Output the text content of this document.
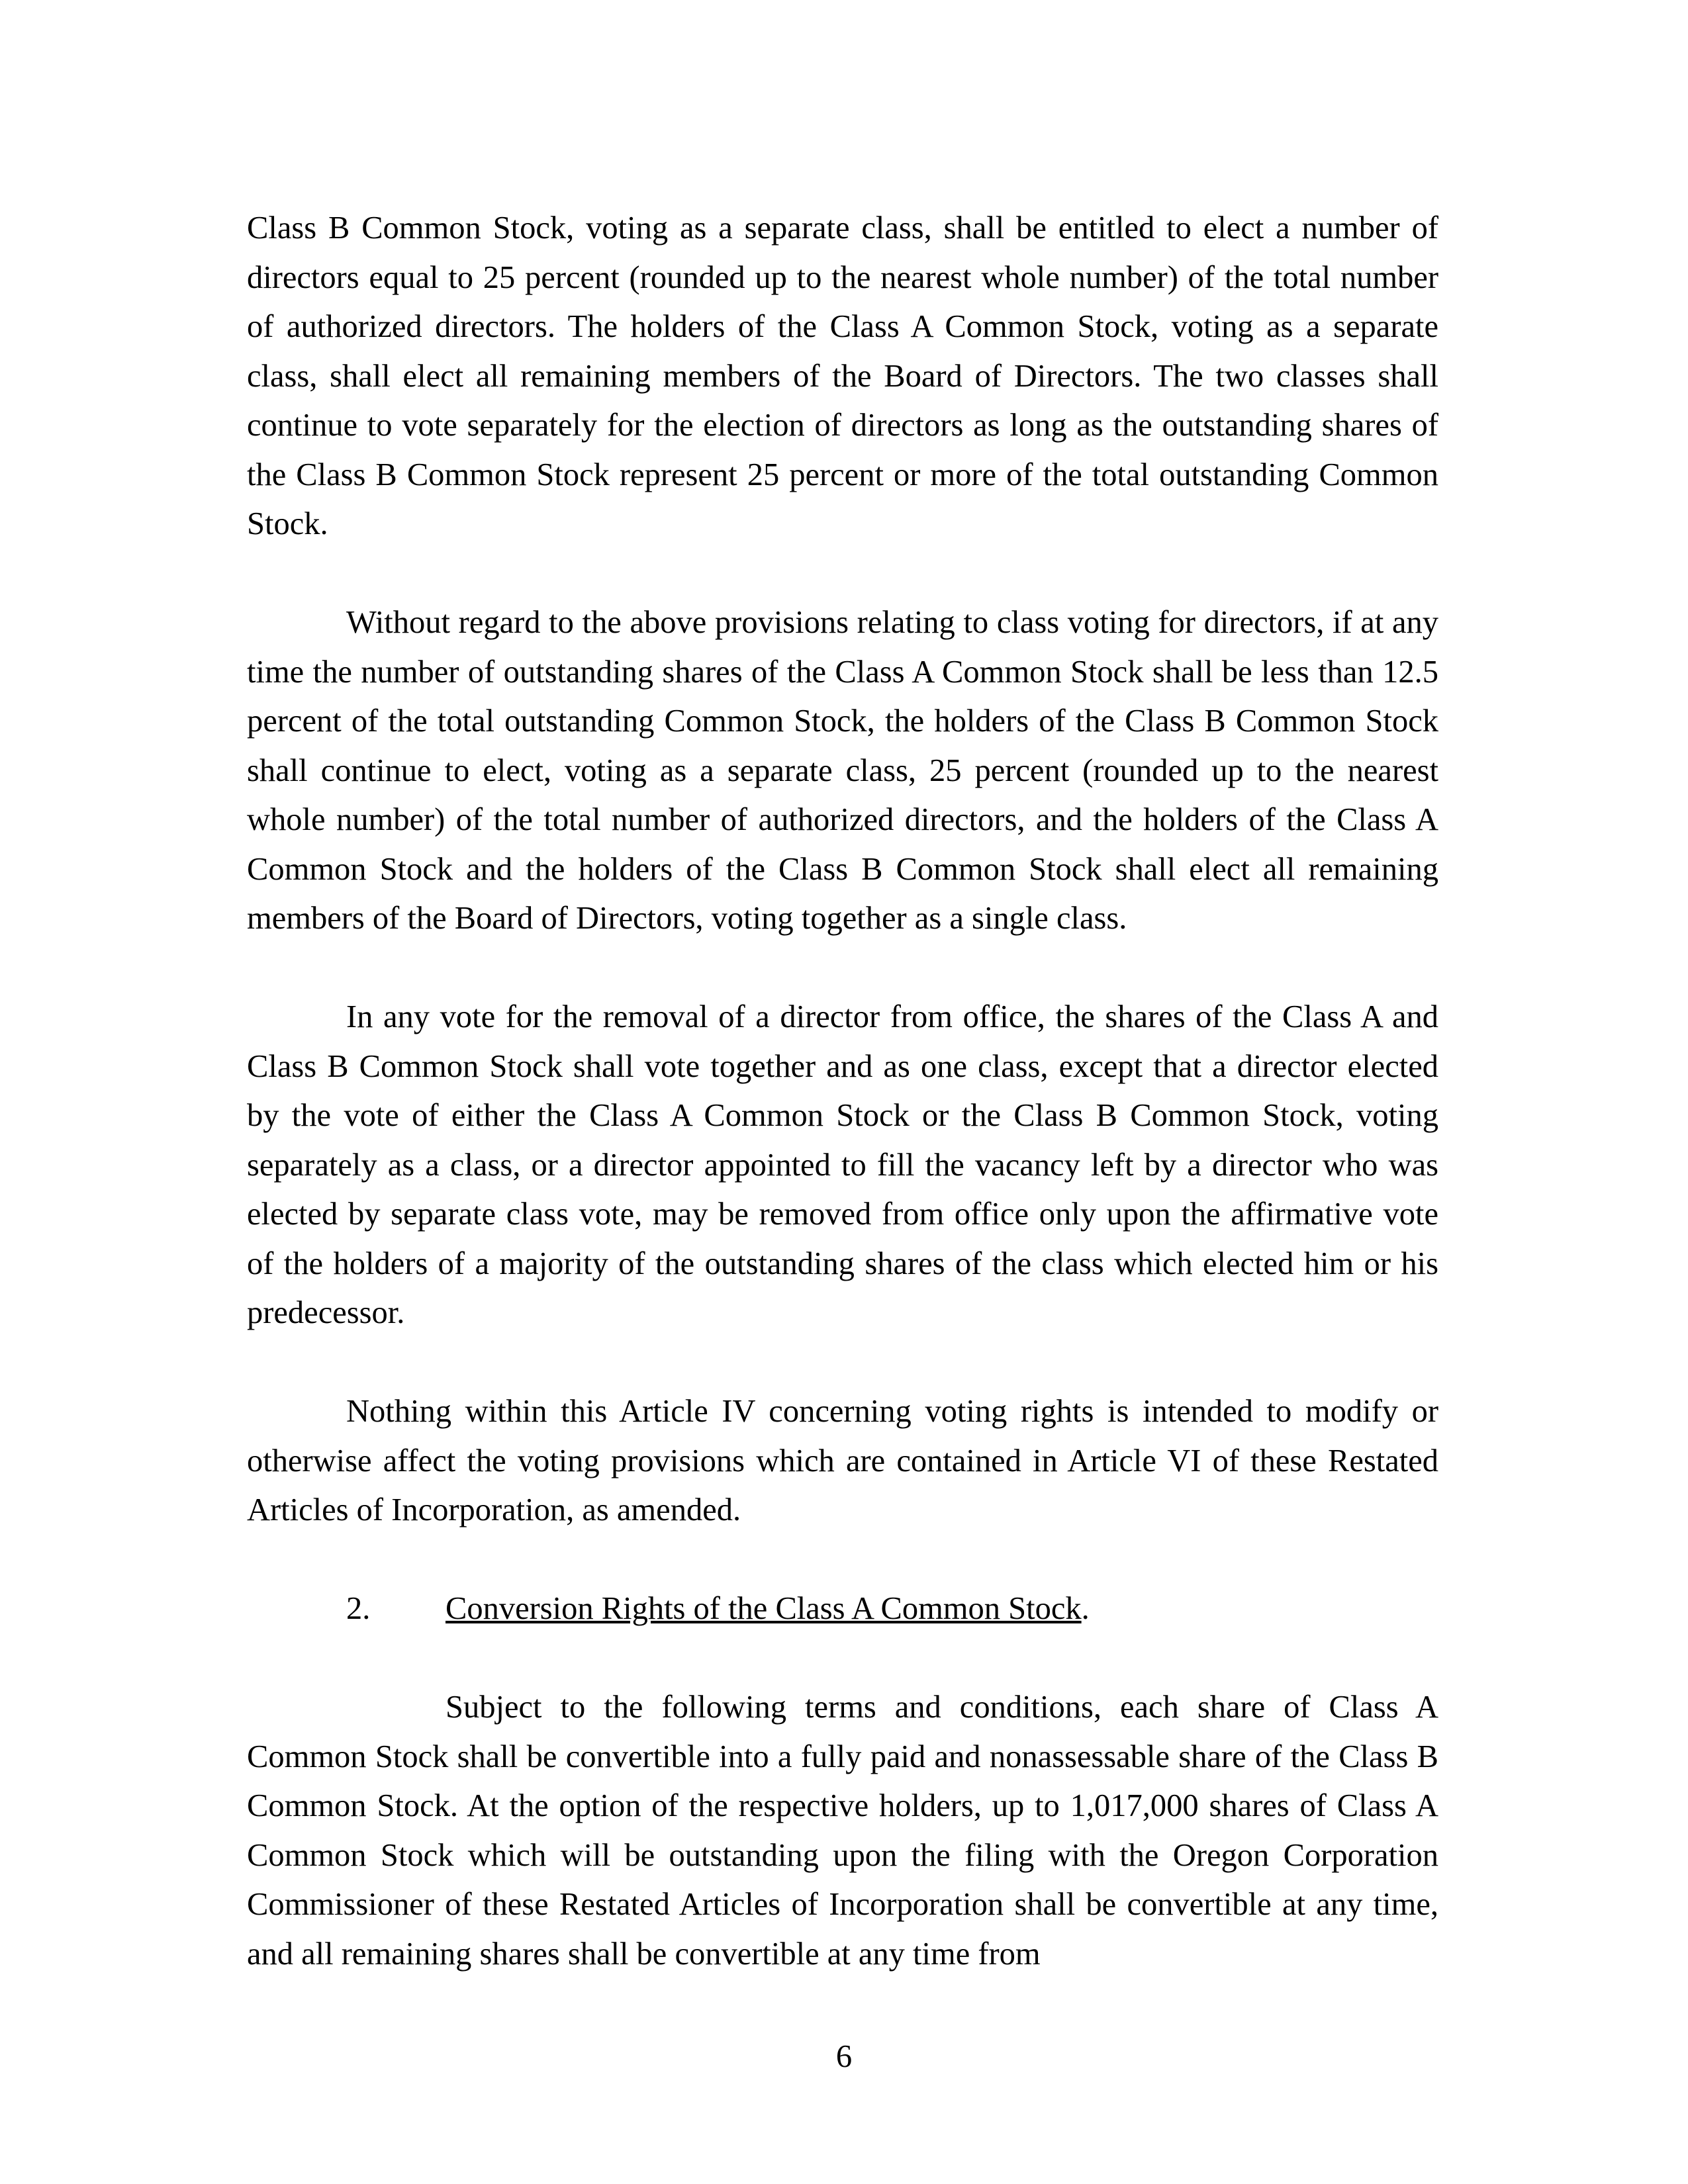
Class B Common Stock, voting as a separate class, shall be entitled to elect a number of directors equal to 25 percent (rounded up to the nearest whole number) of the total number of authorized directors. The holders of the Class A Common Stock, voting as a separate class, shall elect all remaining members of the Board of Directors. The two classes shall continue to vote separately for the election of directors as long as the outstanding shares of the Class B Common Stock represent 25 percent or more of the total outstanding Common Stock.

Without regard to the above provisions relating to class voting for directors, if at any time the number of outstanding shares of the Class A Common Stock shall be less than 12.5 percent of the total outstanding Common Stock, the holders of the Class B Common Stock shall continue to elect, voting as a separate class, 25 percent (rounded up to the nearest whole number) of the total number of authorized directors, and the holders of the Class A Common Stock and the holders of the Class B Common Stock shall elect all remaining members of the Board of Directors, voting together as a single class.

In any vote for the removal of a director from office, the shares of the Class A and Class B Common Stock shall vote together and as one class, except that a director elected by the vote of either the Class A Common Stock or the Class B Common Stock, voting separately as a class, or a director appointed to fill the vacancy left by a director who was elected by separate class vote, may be removed from office only upon the affirmative vote of the holders of a majority of the outstanding shares of the class which elected him or his predecessor.

Nothing within this Article IV concerning voting rights is intended to modify or otherwise affect the voting provisions which are contained in Article VI of these Restated Articles of Incorporation, as amended.

2.	Conversion Rights of the Class A Common Stock.

Subject to the following terms and conditions, each share of Class A Common Stock shall be convertible into a fully paid and nonassessable share of the Class B Common Stock. At the option of the respective holders, up to 1,017,000 shares of Class A Common Stock which will be outstanding upon the filing with the Oregon Corporation Commissioner of these Restated Articles of Incorporation shall be convertible at any time, and all remaining shares shall be convertible at any time from

6
